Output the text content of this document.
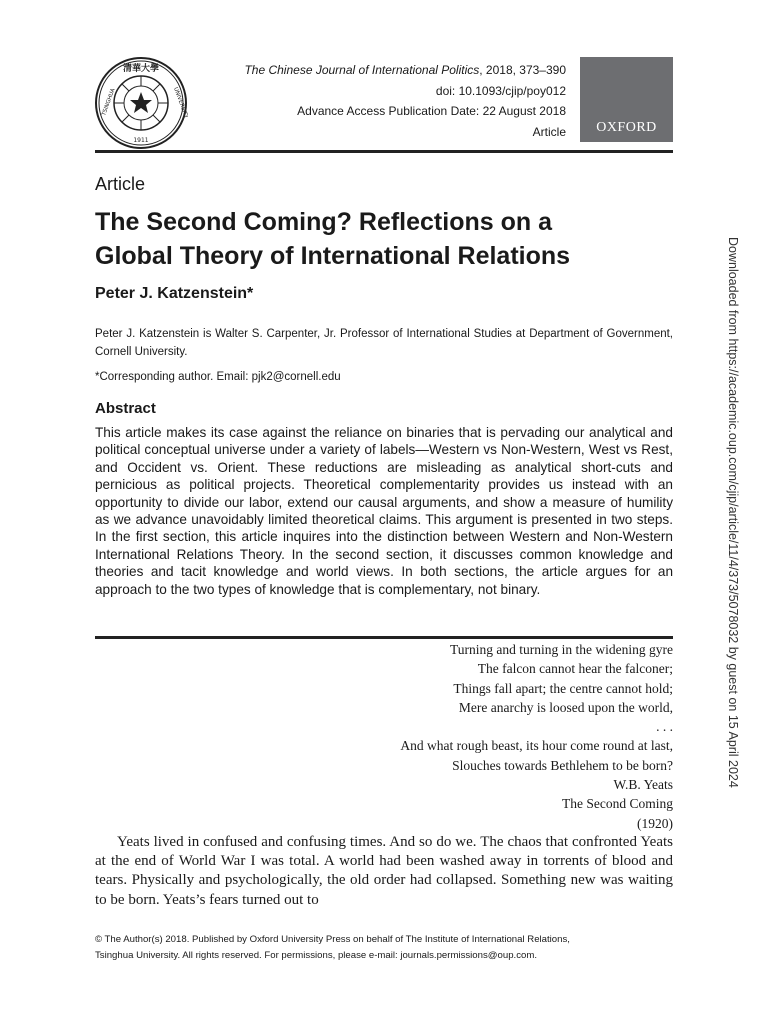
清華大學
TSINGHUA	UNIVERSITY
1911
The Chinese Journal of International Politics, 2018, 373–390
doi: 10.1093/cjip/poy012
Advance Access Publication Date: 22 August 2018
Article OXFORD
Article
The Second Coming? Reflections on a
Global Theory of International Relations
Peter J. Katzenstein*
Peter J. Katzenstein is Walter S. Carpenter, Jr. Professor of International Studies at Department of Government, Cornell University.
*Corresponding author. Email: pjk2@cornell.edu
Abstract

This article makes its case against the reliance on binaries that is pervading our analytical and political conceptual universe under a variety of labels—Western vs Non-Western, West vs Rest, and Occident vs. Orient. These reductions are misleading as analytical short-cuts and pernicious as political projects. Theoretical complementarity provides us instead with an opportunity to divide our labor, extend our causal arguments, and show a measure of humility as we advance unavoidably limited theoretical claims. This argument is presented in two steps. In the first section, this article inquires into the distinction between Western and Non-Western International Relations Theory. In the second section, it discusses common knowledge and theories and tacit knowledge and world views. In both sections, the article argues for an approach to the two types of knowledge that is complementary, not binary.

Turning and turning in the widening gyre
The falcon cannot hear the falconer;
Things fall apart; the centre cannot hold;
Mere anarchy is loosed upon the world,
. . .
And what rough beast, its hour come round at last,
Slouches towards Bethlehem to be born?
W.B. Yeats
The Second Coming
(1920)

Yeats lived in confused and confusing times. And so do we. The chaos that confronted Yeats at the end of World War I was total. A world had been washed away in torrents of blood and tears. Physically and psychologically, the old order had collapsed. Something new was waiting to be born. Yeats’s fears turned out to

© The Author(s) 2018. Published by Oxford University Press on behalf of The Institute of International Relations,
Tsinghua University. All rights reserved. For permissions, please e-mail: journals.permissions@oup.com.
Downloaded from https://academic.oup.com/cjip/article/11/4/373/5078032 by guest on 15 April 2024
